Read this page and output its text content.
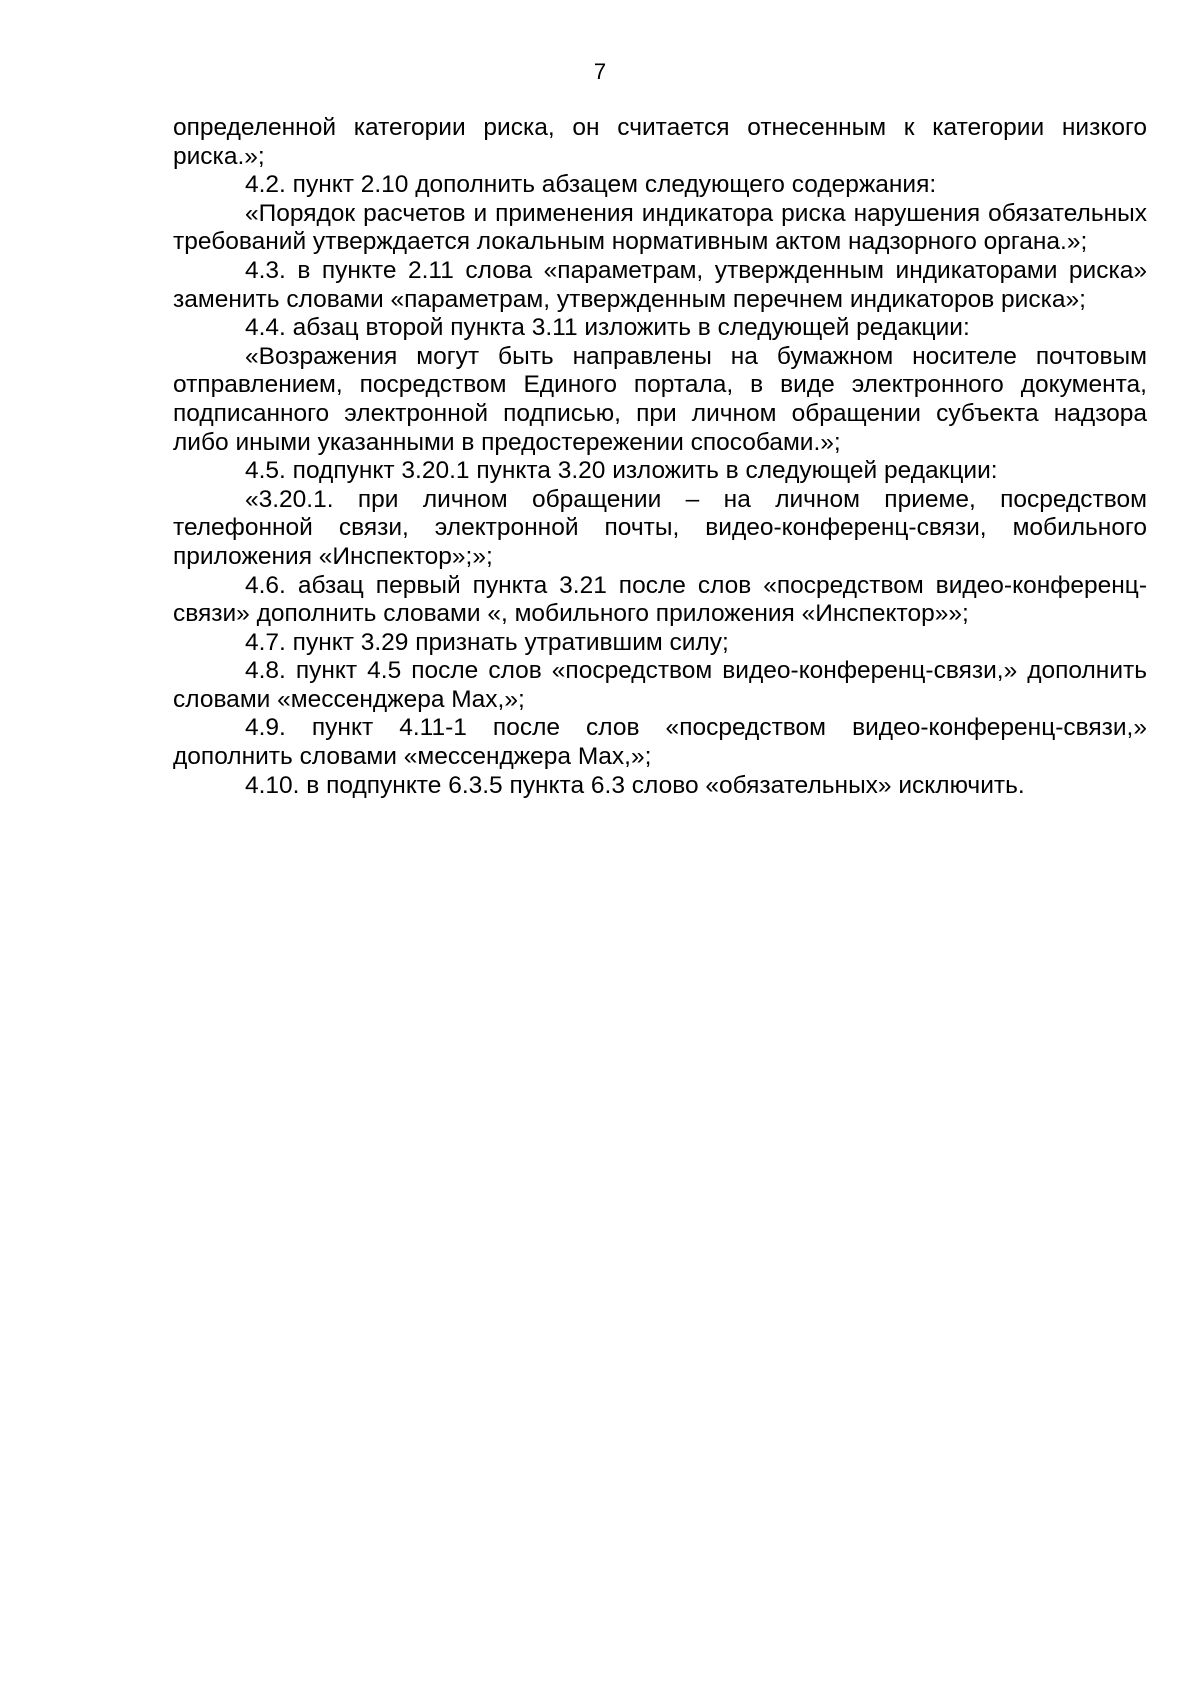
7

определенной категории риска, он считается отнесенным к категории низкого риска.»;

4.2. пункт 2.10 дополнить абзацем следующего содержания:

«Порядок расчетов и применения индикатора риска нарушения обязательных требований утверждается локальным нормативным актом надзорного органа.»;

4.3. в пункте 2.11 слова «параметрам, утвержденным индикаторами риска» заменить словами «параметрам, утвержденным перечнем индикаторов риска»;

4.4. абзац второй пункта 3.11 изложить в следующей редакции:

«Возражения могут быть направлены на бумажном носителе почтовым отправлением, посредством Единого портала, в виде электронного документа, подписанного электронной подписью, при личном обращении субъекта надзора либо иными указанными в предостережении способами.»;

4.5. подпункт 3.20.1 пункта 3.20 изложить в следующей редакции:

«3.20.1. при личном обращении – на личном приеме, посредством телефонной связи, электронной почты, видео-конференц-связи, мобильного приложения «Инспектор»;»;

4.6. абзац первый пункта 3.21 после слов «посредством видео-конференц-связи» дополнить словами «, мобильного приложения «Инспектор»»;

4.7. пункт 3.29 признать утратившим силу;

4.8. пункт 4.5 после слов «посредством видео-конференц-связи,» дополнить словами «мессенджера Max,»;

4.9. пункт 4.11-1 после слов «посредством видео-конференц-связи,» дополнить словами «мессенджера Max,»;

4.10. в подпункте 6.3.5 пункта 6.3 слово «обязательных» исключить.
